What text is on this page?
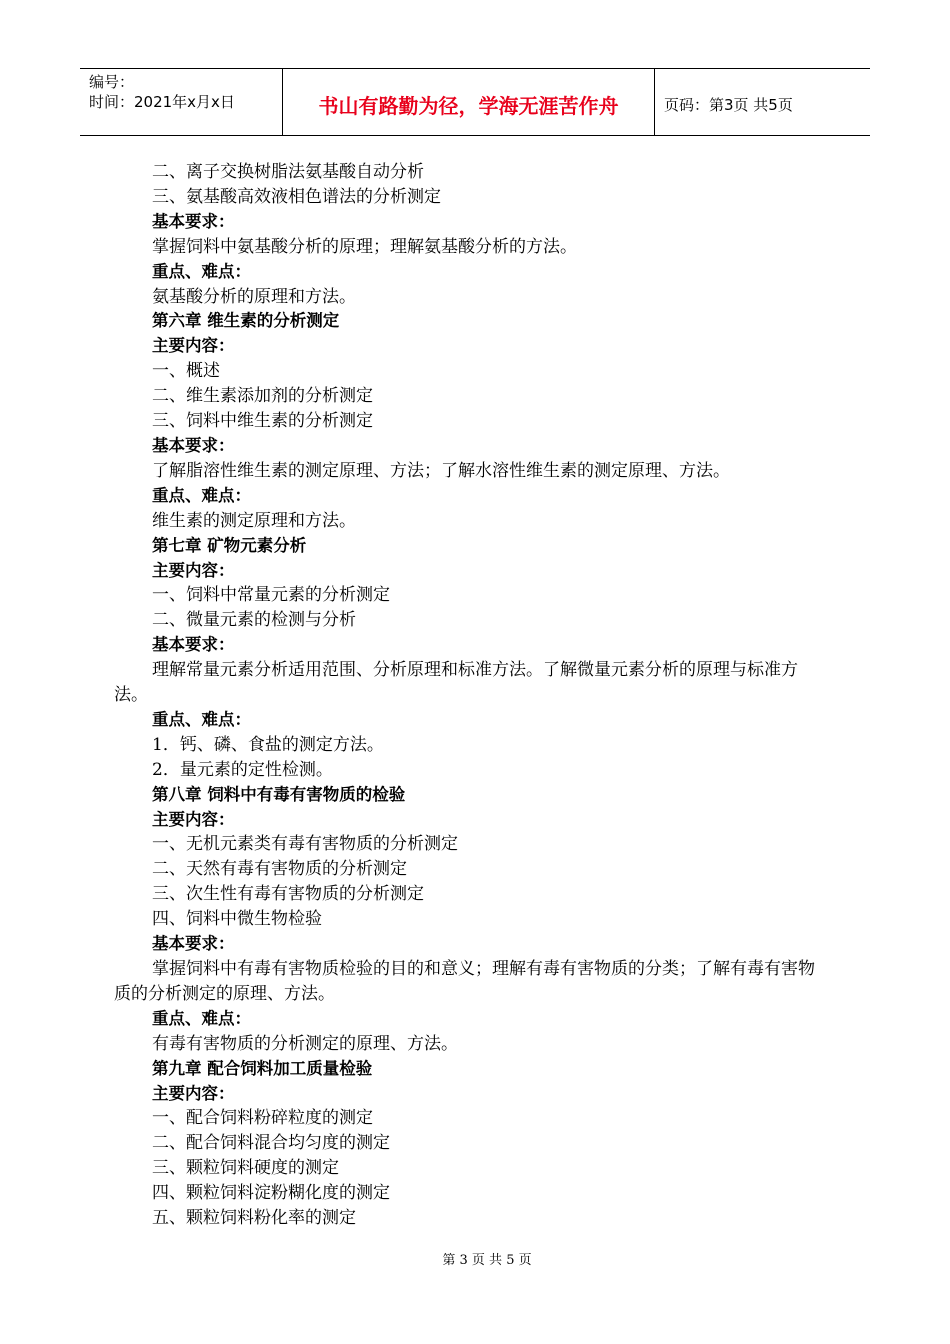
编号：
时间：2021年x月x日	书山有路勤为径，学海无涯苦作舟	页码：第3页 共5页

二、离子交换树脂法氨基酸自动分析

三、氨基酸高效液相色谱法的分析测定

基本要求：

掌握饲料中氨基酸分析的原理；理解氨基酸分析的方法。

重点、难点：

氨基酸分析的原理和方法。

第六章 维生素的分析测定

主要内容：

一、概述

二、维生素添加剂的分析测定

三、饲料中维生素的分析测定

基本要求：

了解脂溶性维生素的测定原理、方法；了解水溶性维生素的测定原理、方法。

重点、难点：

维生素的测定原理和方法。

第七章 矿物元素分析

主要内容：

一、饲料中常量元素的分析测定

二、微量元素的检测与分析

基本要求：

理解常量元素分析适用范围、分析原理和标准方法。了解微量元素分析的原理与标准方法。

重点、难点：

1．钙、磷、食盐的测定方法。

2．量元素的定性检测。

第八章 饲料中有毒有害物质的检验

主要内容：

一、无机元素类有毒有害物质的分析测定

二、天然有毒有害物质的分析测定

三、次生性有毒有害物质的分析测定

四、饲料中微生物检验

基本要求：

掌握饲料中有毒有害物质检验的目的和意义；理解有毒有害物质的分类；了解有毒有害物质的分析测定的原理、方法。

重点、难点：

有毒有害物质的分析测定的原理、方法。

第九章 配合饲料加工质量检验

主要内容：

一、配合饲料粉碎粒度的测定

二、配合饲料混合均匀度的测定

三、颗粒饲料硬度的测定

四、颗粒饲料淀粉糊化度的测定

五、颗粒饲料粉化率的测定

第 3 页 共 5 页
